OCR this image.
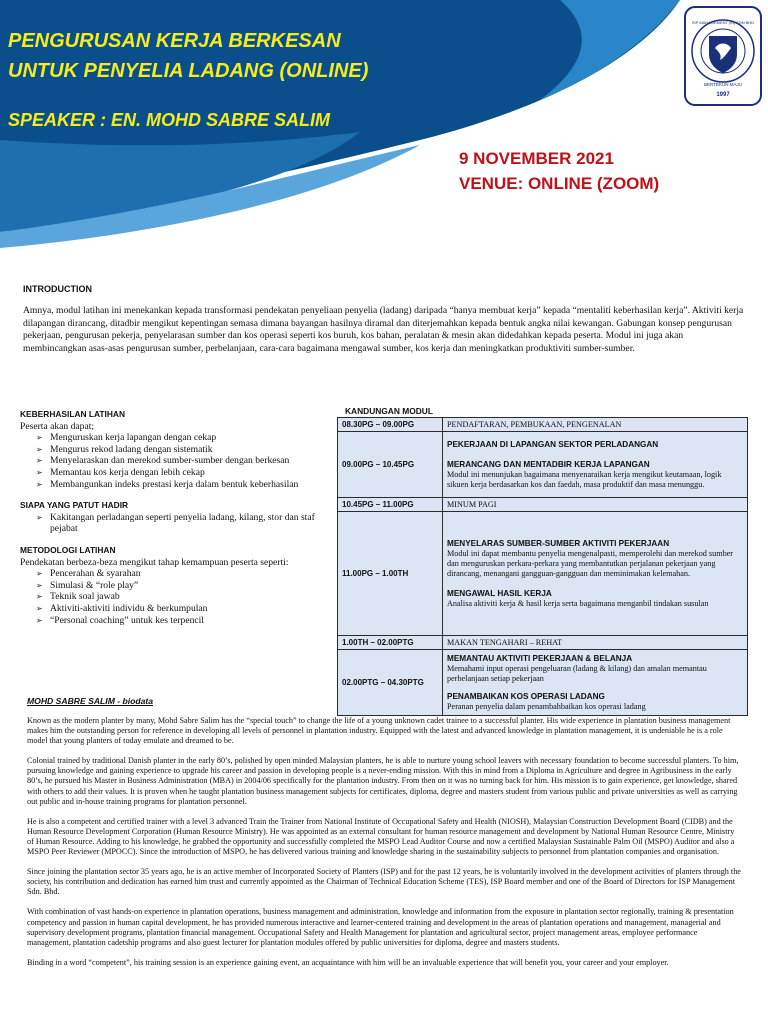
PENGURUSAN KERJA BERKESAN
UNTUK PENYELIA LADANG (ONLINE)
SPEAKER : EN. MOHD SABRE SALIM
ISP MANAGEMENT (M) SDN BHD
BERTEKUN MAJU
1997
9 NOVEMBER 2021
VENUE: ONLINE (ZOOM)
INTRODUCTION
Amnya, modul latihan ini menekankan kepada transformasi pendekatan penyeliaan penyelia (ladang) daripada “hanya membuat kerja” kepada “mentaliti keberhasilan kerja”. Aktiviti kerja dilapangan dirancang, ditadbir mengikut kepentingan semasa dimana bayangan hasilnya diramal dan diterjemahkan kepada bentuk angka nilai kewangan. Gabungan konsep pengurusan pekerjaan, pengurusan pekerja, penyelarasan sumber dan kos operasi seperti kos buruh, kos bahan, peralatan & mesin akan didedahkan kepada peserta. Modul ini juga akan membincangkan asas-asas pengurusan sumber, perbelanjaan, cara-cara bagaimana mengawal sumber, kos kerja dan meningkatkan produktiviti sumber-sumber.
KEBERHASILAN LATIHAN
Peserta akan dapat;
➢ Menguruskan kerja lapangan dengan cekap
➢ Mengurus rekod ladang dengan sistematik
➢ Menyelaraskan dan merekod sumber-sumber dengan berkesan
➢ Memantau kos kerja dengan lebih cekap
➢ Membangunkan indeks prestasi kerja dalam bentuk keberhasilan
SIAPA YANG PATUT HADIR
➢ Kakitangan perladangan seperti penyelia ladang, kilang, stor dan staf pejabat
METODOLOGI LATIHAN
Pendekatan berbeza-beza mengikut tahap kemampuan peserta seperti:
➢ Pencerahan & syarahan
➢ Simulasi & “role play”
➢ Teknik soal jawab
➢ Aktiviti-aktiviti individu & berkumpulan
➢ “Personal coaching” untuk kes terpencil
KANDUNGAN MODUL
08.30PG – 09.00PG	PENDAFTARAN, PEMBUKAAN, PENGENALAN
09.00PG – 10.45PG	PEKERJAAN DI LAPANGAN SEKTOR PERLADANGAN
MERANCANG DAN MENTADBIR KERJA LAPANGAN
Modul ini menunjukan bagaimana menyenaraikan kerja mengikut keutamaan, logik sikuen kerja berdasarkan kos dan faedah, masa produktif dan masa menunggu.

10.45PG – 11.00PG	MINUM PAGI
11.00PG – 1.00TH	MENYELARAS SUMBER-SUMBER AKTIVITI PEKERJAAN
Modul ini dapat membantu penyelia mengenalpasti, memperolehi dan merekod sumber dan menguruskan perkara-perkara yang membantutkan perjalanan pekerjaan yang dirancang, menangani gangguan-gangguan dan meminimakan kelemahan.
MENGAWAL HASIL KERJA
Analisa aktiviti kerja & hasil kerja serta bagaimana menganbil tindakan susulan

1.00TH – 02.00PTG	MAKAN TENGAHARI – REHAT
02.00PTG – 04.30PTG	MEMANTAU AKTIVITI PEKERJAAN & BELANJA
Memahami input operasi pengeluaran (ladang & kilang) dan amalan memantau perbelanjaan setiap pekerjaan
PENAMBAIKAN KOS OPERASI LADANG
Peranan penyelia dalam penambahbaikan kos operasi ladang
MOHD SABRE SALIM - biodata

Known as the modern planter by many, Mohd Sabre Salim has the “special touch” to change the life of a young unknown cadet trainee to a successful planter. His wide experience in plantation business management makes him the outstanding person for reference in developing all levels of personnel in plantation industry. Equipped with the latest and advanced knowledge in plantation management, it is undeniable he is a role model that young planters of today emulate and dreamed to be.

Colonial trained by traditional Danish planter in the early 80’s, polished by open minded Malaysian planters, he is able to nurture young school leavers with necessary foundation to become successful planters. To him, pursuing knowledge and gaining experience to upgrade his career and passion in developing people is a never-ending mission. With this in mind from a Diploma in Agriculture and degree in Agribusiness in the early 80’s, he pursued his Master in Business Administration (MBA) in 2004/06 specifically for the plantation industry. From then on it was no turning back for him. His mission is to gain experience, get knowledge, shared with others to add their values. It is proven when he taught plantation business management subjects for certificates, diploma, degree and masters student from various public and private universities as well as carrying out public and in-house training programs for plantation personnel.

He is also a competent and certified trainer with a level 3 advanced Train the Trainer from National Institute of Occupational Safety and Health (NIOSH), Malaysian Construction Development Board (CIDB) and the Human Resource Development Corporation (Human Resource Ministry). He was appointed as an external consultant for human resource management and development by National Human Resource Centre, Ministry of Human Resource. Adding to his knowledge, he grabbed the opportunity and successfully completed the MSPO Lead Auditor Course and now a certified Malaysian Sustainable Palm Oil (MSPO) Auditor and also a MSPO Peer Reviewer (MPOCC). Since the introduction of MSPO, he has delivered various training and knowledge sharing in the sustainability subjects to personnel from plantation companies and organisation.

Since joining the plantation sector 35 years ago, he is an active member of Incorporated Society of Planters (ISP) and for the past 12 years, he is voluntarily involved in the development activities of planters through the society, his contribution and dedication has earned him trust and currently appointed as the Chairman of Technical Education Scheme (TES), ISP Board member and one of the Board of Directors for ISP Management Sdn. Bhd.

With combination of vast hands-on experience in plantation operations, business management and administration, knowledge and information from the exposure in plantation sector regionally, training & presentation competency and passion in human capital development, he has provided numerous interactive and learner-centered training and development in the areas of plantation operations and management, managerial and supervisory development programs, plantation financial management. Occupational Safety and Health Management for plantation and agricultural sector, project management areas, employee performance management, plantation cadetship programs and also guest lecturer for plantation modules offered by public universities for diploma, degree and masters students.

Binding in a word “competent”, his training session is an experience gaining event, an acquaintance with him will be an invaluable experience that will benefit you, your career and your employer.
